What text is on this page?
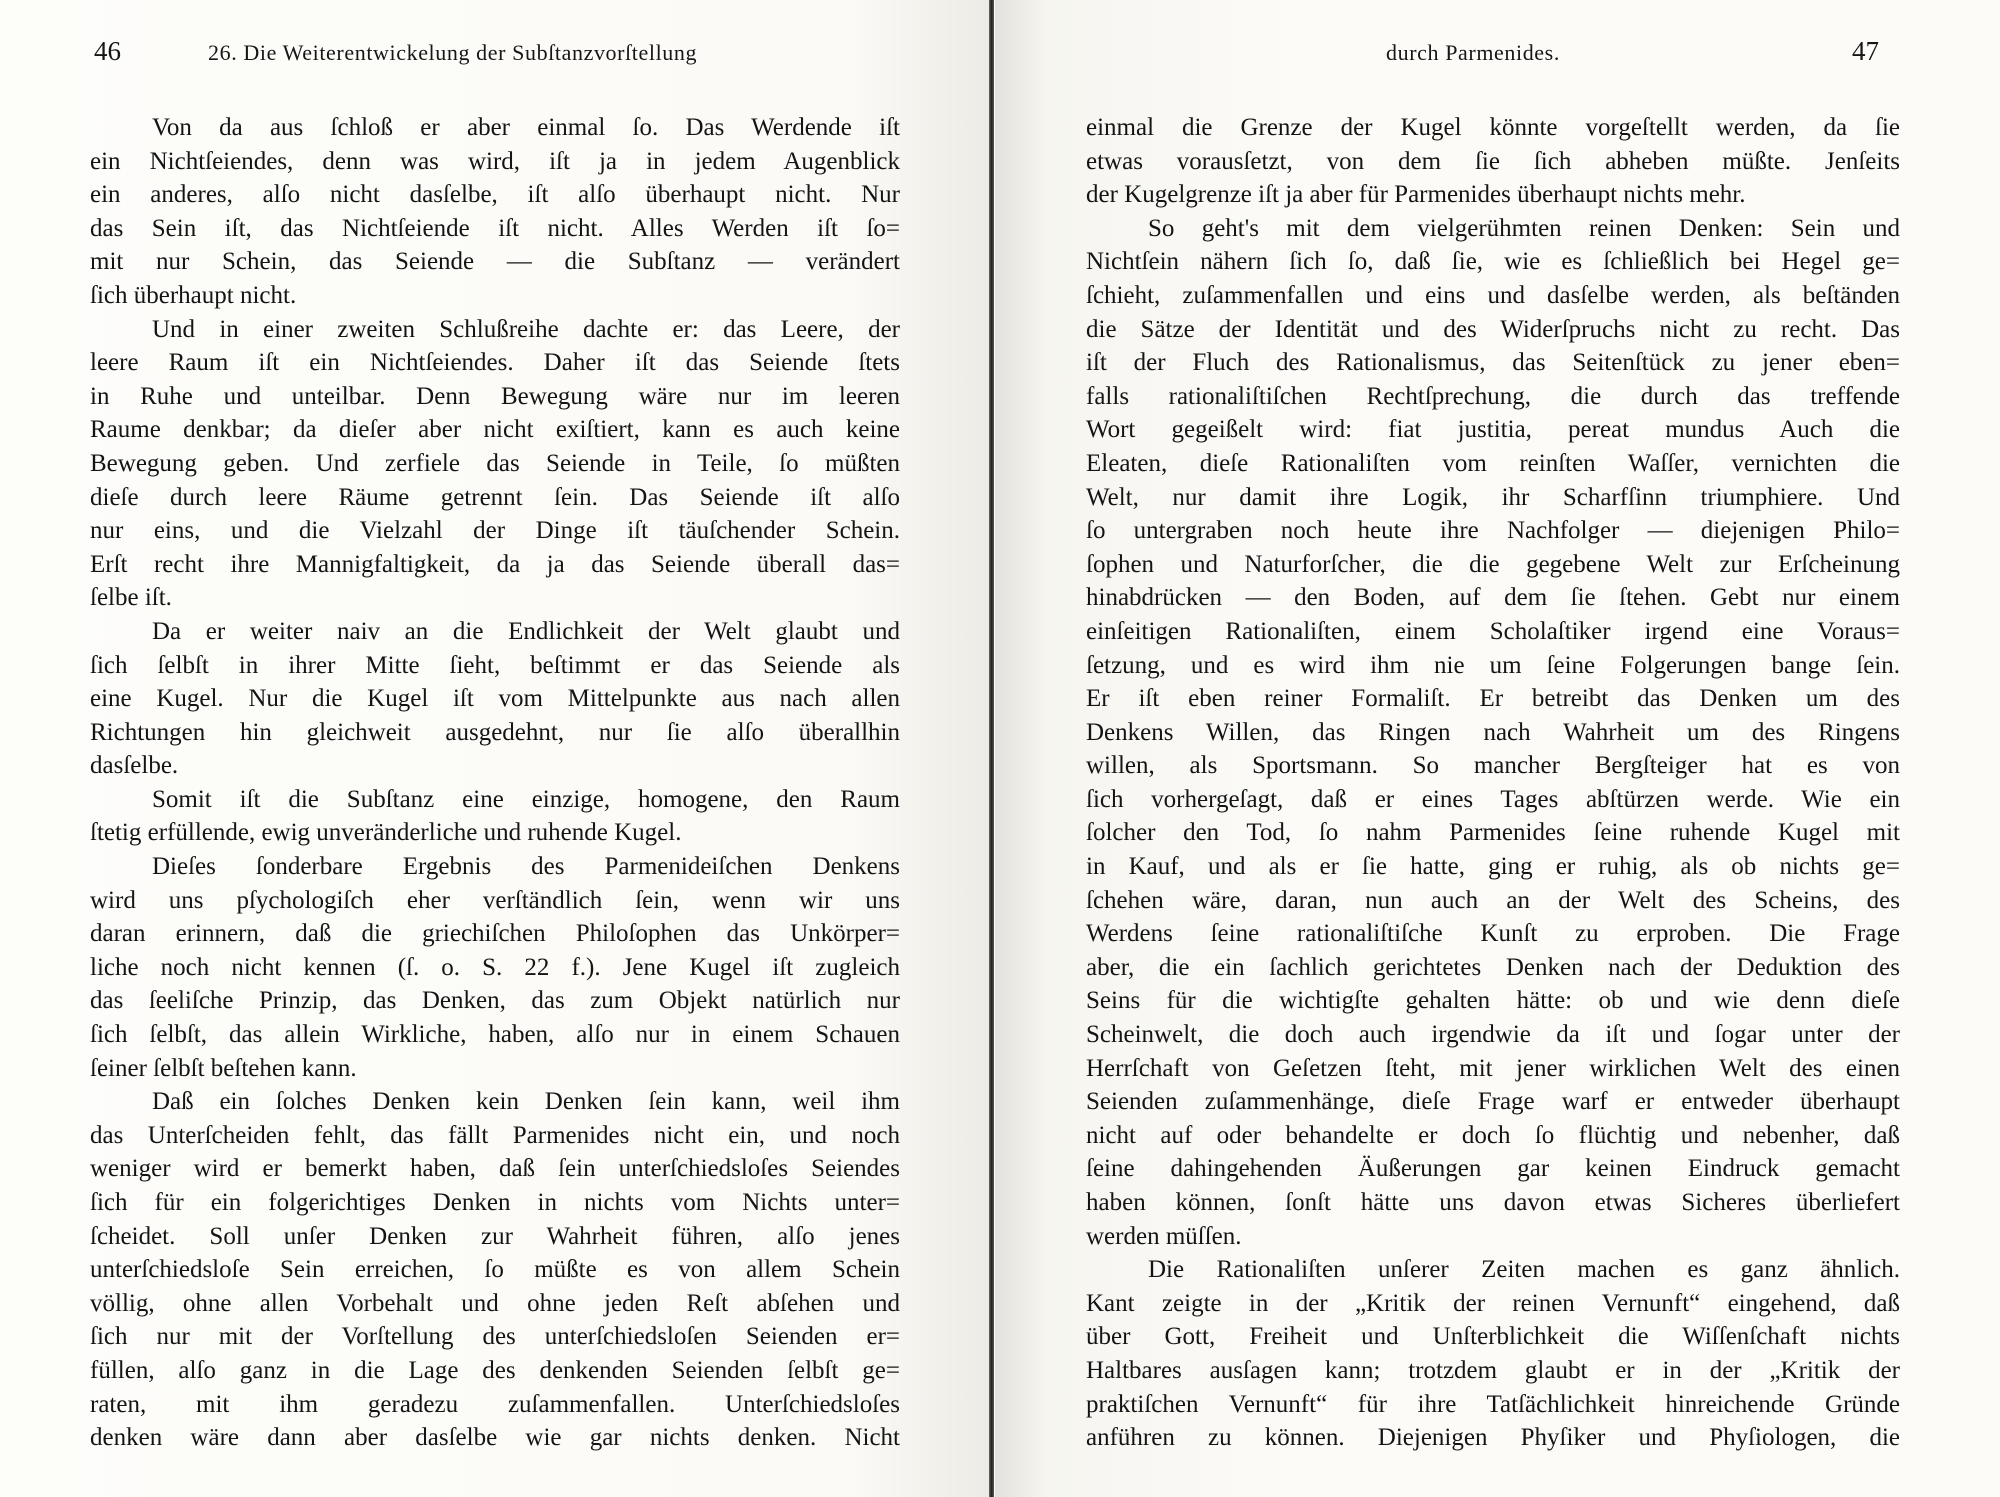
46	26. Die Weiterentwickelung der Subſtanzvorſtellung
Von da aus ſchloß er aber einmal ſo. Das Werdende iſt
ein Nichtſeiendes, denn was wird, iſt ja in jedem Augenblick
ein anderes, alſo nicht dasſelbe, iſt alſo überhaupt nicht. Nur
das Sein iſt, das Nichtſeiende iſt nicht. Alles Werden iſt ſo=
mit nur Schein, das Seiende — die Subſtanz — verändert
ſich überhaupt nicht.
Und in einer zweiten Schlußreihe dachte er: das Leere, der
leere Raum iſt ein Nichtſeiendes. Daher iſt das Seiende ſtets
in Ruhe und unteilbar. Denn Bewegung wäre nur im leeren
Raume denkbar; da dieſer aber nicht exiſtiert, kann es auch keine
Bewegung geben. Und zerfiele das Seiende in Teile, ſo müßten
dieſe durch leere Räume getrennt ſein. Das Seiende iſt alſo
nur eins, und die Vielzahl der Dinge iſt täuſchender Schein.
Erſt recht ihre Mannigfaltigkeit, da ja das Seiende überall das=
ſelbe iſt.
Da er weiter naiv an die Endlichkeit der Welt glaubt und
ſich ſelbſt in ihrer Mitte ſieht, beſtimmt er das Seiende als
eine Kugel. Nur die Kugel iſt vom Mittelpunkte aus nach allen
Richtungen hin gleichweit ausgedehnt, nur ſie alſo überallhin
dasſelbe.
Somit iſt die Subſtanz eine einzige, homogene, den Raum
ſtetig erfüllende, ewig unveränderliche und ruhende Kugel.
Dieſes ſonderbare Ergebnis des Parmenideiſchen Denkens
wird uns pſychologiſch eher verſtändlich ſein, wenn wir uns
daran erinnern, daß die griechiſchen Philoſophen das Unkörper=
liche noch nicht kennen (ſ. o. S. 22 f.). Jene Kugel iſt zugleich
das ſeeliſche Prinzip, das Denken, das zum Objekt natürlich nur
ſich ſelbſt, das allein Wirkliche, haben, alſo nur in einem Schauen
ſeiner ſelbſt beſtehen kann.
Daß ein ſolches Denken kein Denken ſein kann, weil ihm
das Unterſcheiden fehlt, das fällt Parmenides nicht ein, und noch
weniger wird er bemerkt haben, daß ſein unterſchiedsloſes Seiendes
ſich für ein folgerichtiges Denken in nichts vom Nichts unter=
ſcheidet. Soll unſer Denken zur Wahrheit führen, alſo jenes
unterſchiedsloſe Sein erreichen, ſo müßte es von allem Schein
völlig, ohne allen Vorbehalt und ohne jeden Reſt abſehen und
ſich nur mit der Vorſtellung des unterſchiedsloſen Seienden er=
füllen, alſo ganz in die Lage des denkenden Seienden ſelbſt ge=
raten, mit ihm geradezu zuſammenfallen. Unterſchiedsloſes
denken wäre dann aber dasſelbe wie gar nichts denken. Nicht
durch Parmenides.	47
einmal die Grenze der Kugel könnte vorgeſtellt werden, da ſie
etwas vorausſetzt, von dem ſie ſich abheben müßte. Jenſeits
der Kugelgrenze iſt ja aber für Parmenides überhaupt nichts mehr.
So geht's mit dem vielgerühmten reinen Denken: Sein und
Nichtſein nähern ſich ſo, daß ſie, wie es ſchließlich bei Hegel ge=
ſchieht, zuſammenfallen und eins und dasſelbe werden, als beſtänden
die Sätze der Identität und des Widerſpruchs nicht zu recht. Das
iſt der Fluch des Rationalismus, das Seitenſtück zu jener eben=
falls rationaliſtiſchen Rechtſprechung, die durch das treffende
Wort gegeißelt wird: fiat justitia, pereat mundus Auch die
Eleaten, dieſe Rationaliſten vom reinſten Waſſer, vernichten die
Welt, nur damit ihre Logik, ihr Scharfſinn triumphiere. Und
ſo untergraben noch heute ihre Nachfolger — diejenigen Philo=
ſophen und Naturforſcher, die die gegebene Welt zur Erſcheinung
hinabdrücken — den Boden, auf dem ſie ſtehen. Gebt nur einem
einſeitigen Rationaliſten, einem Scholaſtiker irgend eine Voraus=
ſetzung, und es wird ihm nie um ſeine Folgerungen bange ſein.
Er iſt eben reiner Formaliſt. Er betreibt das Denken um des
Denkens Willen, das Ringen nach Wahrheit um des Ringens
willen, als Sportsmann. So mancher Bergſteiger hat es von
ſich vorhergeſagt, daß er eines Tages abſtürzen werde. Wie ein
ſolcher den Tod, ſo nahm Parmenides ſeine ruhende Kugel mit
in Kauf, und als er ſie hatte, ging er ruhig, als ob nichts ge=
ſchehen wäre, daran, nun auch an der Welt des Scheins, des
Werdens ſeine rationaliſtiſche Kunſt zu erproben. Die Frage
aber, die ein ſachlich gerichtetes Denken nach der Deduktion des
Seins für die wichtigſte gehalten hätte: ob und wie denn dieſe
Scheinwelt, die doch auch irgendwie da iſt und ſogar unter der
Herrſchaft von Geſetzen ſteht, mit jener wirklichen Welt des einen
Seienden zuſammenhänge, dieſe Frage warf er entweder überhaupt
nicht auf oder behandelte er doch ſo flüchtig und nebenher, daß
ſeine dahingehenden Äußerungen gar keinen Eindruck gemacht
haben können, ſonſt hätte uns davon etwas Sicheres überliefert
werden müſſen.
Die Rationaliſten unſerer Zeiten machen es ganz ähnlich.
Kant zeigte in der „Kritik der reinen Vernunft“ eingehend, daß
über Gott, Freiheit und Unſterblichkeit die Wiſſenſchaft nichts
Haltbares ausſagen kann; trotzdem glaubt er in der „Kritik der
praktiſchen Vernunft“ für ihre Tatſächlichkeit hinreichende Gründe
anführen zu können. Diejenigen Phyſiker und Phyſiologen, die
